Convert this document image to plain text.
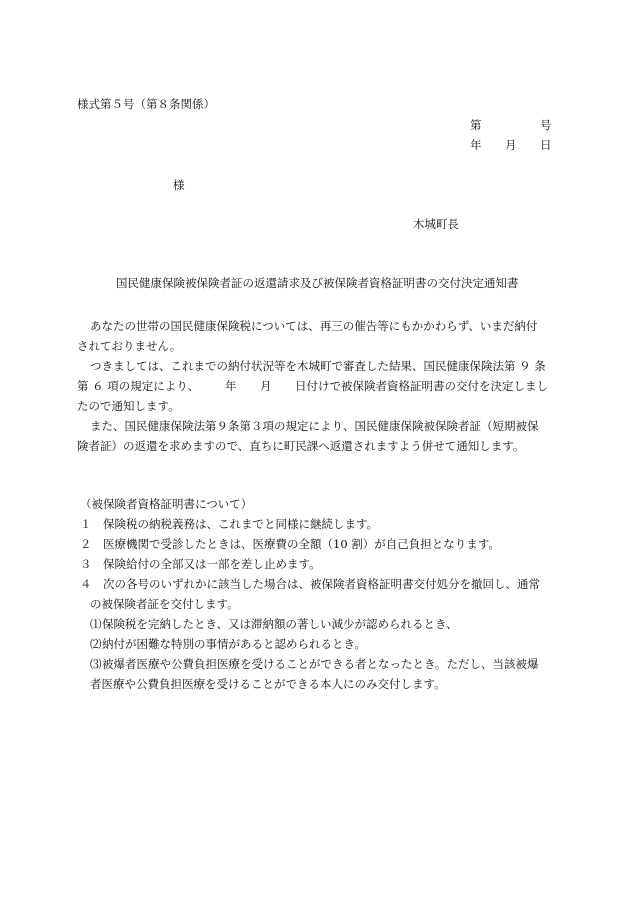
様式第５号（第８条関係）
第	号
年 月 日
様
木城町長
国民健康保険被保険者証の返還請求及び被保険者資格証明書の交付決定通知書
あなたの世帯の国民健康保険税については、再三の催告等にもかかわらず、いまだ納付
されておりません。
つきましては、これまでの納付状況等を木城町で審査した結果、国民健康保険法第 ９ 条
第 ６ 項の規定により、 年 月 日付けで被保険者資格証明書の交付を決定しまし
たので通知します。
また、国民健康保険法第９条第３項の規定により、国民健康保険被保険者証（短期被保
険者証）の返還を求めますので、直ちに町民課へ返還されますよう併せて通知します。
（被保険者資格証明書について）
１ 保険税の納税義務は、これまでと同様に継続します。
２ 医療機関で受診したときは、医療費の全額（10 割）が自己負担となります。
３ 保険給付の全部又は一部を差し止めます。
４ 次の各号のいずれかに該当した場合は、被保険者資格証明書交付処分を撤回し、通常
の被保険者証を交付します。
⑴ 保険税を完納したとき、又は滞納額の著しい減少が認められるとき、
⑵ 納付が困難な特別の事情があると認められるとき。
⑶ 被爆者医療や公費負担医療を受けることができる者となったとき。ただし、当該被爆
者医療や公費負担医療を受けることができる本人にのみ交付します。
